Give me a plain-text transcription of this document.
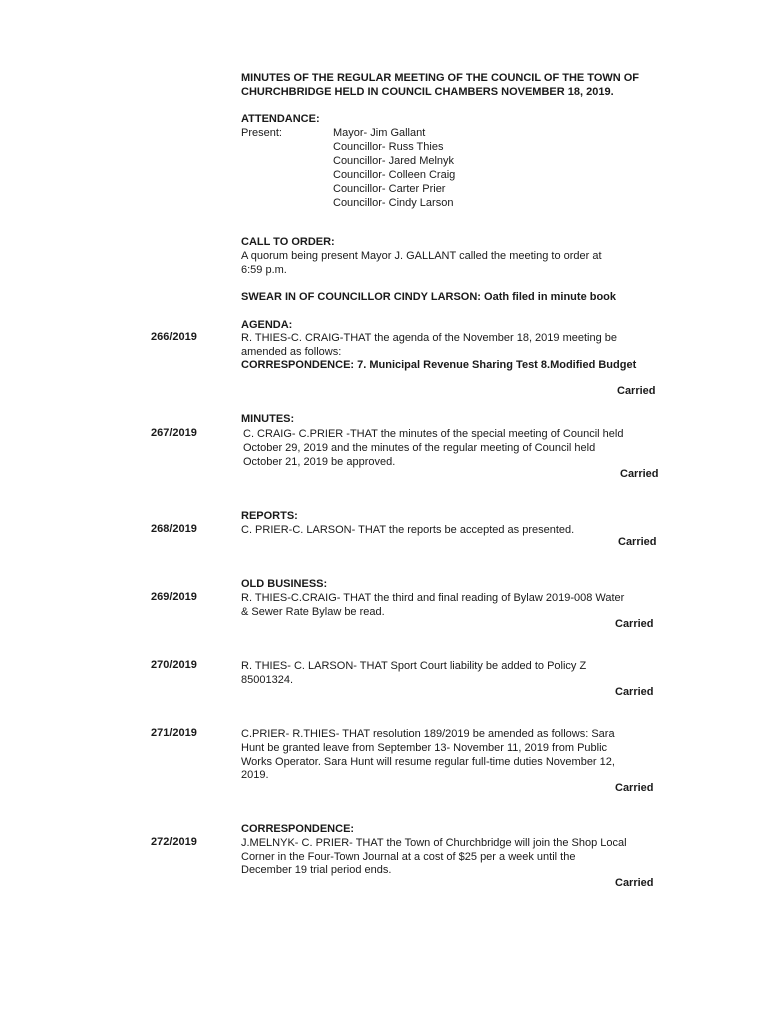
MINUTES OF THE REGULAR MEETING OF THE COUNCIL OF THE TOWN OF
CHURCHBRIDGE HELD IN COUNCIL CHAMBERS NOVEMBER 18, 2019.
ATTENDANCE:
Present:	Mayor- Jim Gallant
Councillor- Russ Thies
Councillor- Jared Melnyk
Councillor- Colleen Craig
Councillor- Carter Prier
Councillor- Cindy Larson
CALL TO ORDER:
A quorum being present Mayor J. GALLANT called the meeting to order at
6:59 p.m.
SWEAR IN OF COUNCILLOR CINDY LARSON: Oath filed in minute book
AGENDA:
266/2019	R. THIES-C. CRAIG-THAT the agenda of the November 18, 2019 meeting be
amended as follows:
CORRESPONDENCE: 7. Municipal Revenue Sharing Test 8.Modified Budget
Carried
MINUTES:
267/2019	C. CRAIG- C.PRIER -THAT the minutes of the special meeting of Council held
October 29, 2019 and the minutes of the regular meeting of Council held
October 21, 2019 be approved.
Carried
REPORTS:
268/2019	C. PRIER-C. LARSON- THAT the reports be accepted as presented.
Carried
OLD BUSINESS:
269/2019	R. THIES-C.CRAIG- THAT the third and final reading of Bylaw 2019-008 Water
& Sewer Rate Bylaw be read.
Carried
270/2019	R. THIES- C. LARSON- THAT Sport Court liability be added to Policy Z
85001324.
Carried
271/2019	C.PRIER- R.THIES- THAT resolution 189/2019 be amended as follows: Sara
Hunt be granted leave from September 13- November 11, 2019 from Public
Works Operator. Sara Hunt will resume regular full-time duties November 12,
2019.
Carried
CORRESPONDENCE:
272/2019	J.MELNYK- C. PRIER- THAT the Town of Churchbridge will join the Shop Local
Corner in the Four-Town Journal at a cost of $25 per a week until the
December 19 trial period ends.
Carried
